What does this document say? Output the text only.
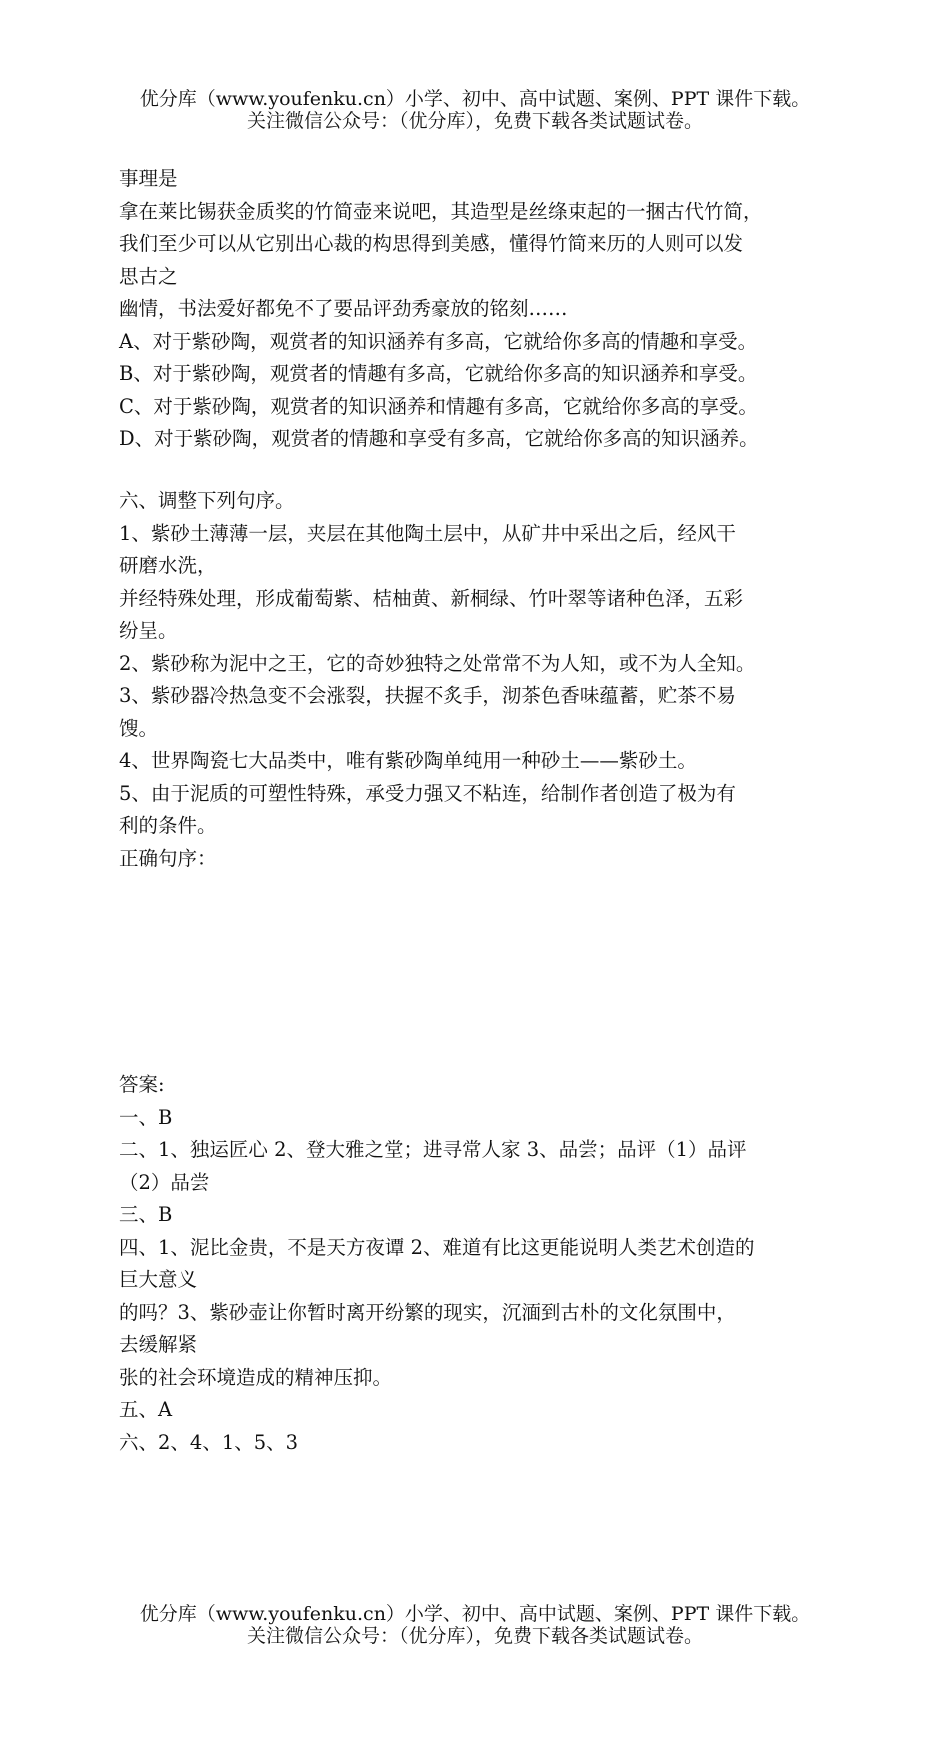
优分库（www.youfenku.cn）小学、初中、高中试题、案例、PPT 课件下载。
关注微信公众号：（优分库），免费下载各类试题试卷。
事理是
拿在莱比锡获金质奖的竹简壶来说吧，其造型是丝绦束起的一捆古代竹简，
我们至少可以从它别出心裁的构思得到美感，懂得竹简来历的人则可以发
思古之
幽情，书法爱好都免不了要品评劲秀豪放的铭刻……
A、对于紫砂陶，观赏者的知识涵养有多高，它就给你多高的情趣和享受。
B、对于紫砂陶，观赏者的情趣有多高，它就给你多高的知识涵养和享受。
C、对于紫砂陶，观赏者的知识涵养和情趣有多高，它就给你多高的享受。
D、对于紫砂陶，观赏者的情趣和享受有多高，它就给你多高的知识涵养。
六、调整下列句序。
1、紫砂土薄薄一层，夹层在其他陶土层中，从矿井中采出之后，经风干
研磨水洗，
并经特殊处理，形成葡萄紫、桔柚黄、新桐绿、竹叶翠等诸种色泽，五彩
纷呈。
2、紫砂称为泥中之王，它的奇妙独特之处常常不为人知，或不为人全知。
3、紫砂器冷热急变不会涨裂，扶握不炙手，沏茶色香味蕴蓄，贮茶不易
馊。
4、世界陶瓷七大品类中，唯有紫砂陶单纯用一种砂土——紫砂土。
5、由于泥质的可塑性特殊，承受力强又不粘连，给制作者创造了极为有
利的条件。
正确句序：
答案:
一、B
二、1、独运匠心 2、登大雅之堂；进寻常人家 3、品尝；品评（1）品评
（2）品尝
三、B
四、1、泥比金贵，不是天方夜谭 2、难道有比这更能说明人类艺术创造的
巨大意义
的吗？3、紫砂壶让你暂时离开纷繁的现实，沉湎到古朴的文化氛围中，
去缓解紧
张的社会环境造成的精神压抑。
五、A
六、2、4、1、5、3
优分库（www.youfenku.cn）小学、初中、高中试题、案例、PPT 课件下载。
关注微信公众号：（优分库），免费下载各类试题试卷。
